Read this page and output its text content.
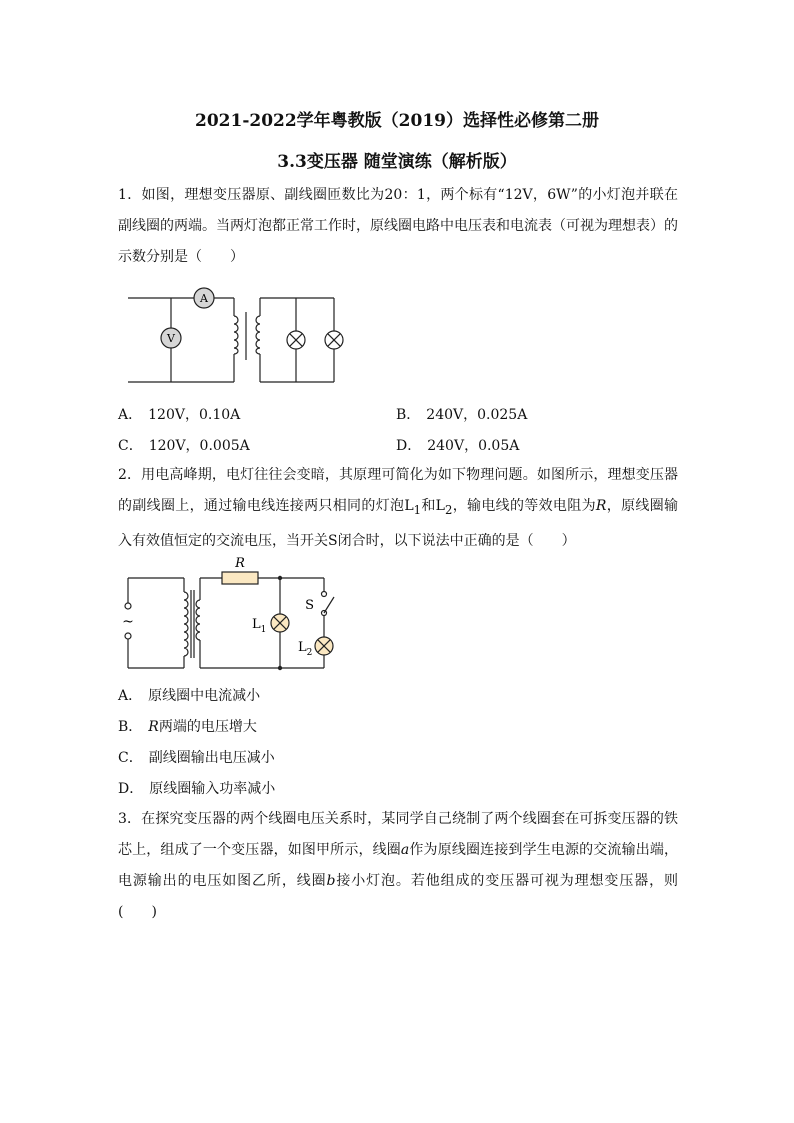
2021-2022学年粤教版（2019）选择性必修第二册
3.3变压器 随堂演练（解析版）

1．如图，理想变压器原、副线圈匝数比为20：1，两个标有“12V，6W”的小灯泡并联在副线圈的两端。当两灯泡都正常工作时，原线圈电路中电压表和电流表（可视为理想表）的示数分别是（　　）

A
V
A． 120V，0.10A	B． 240V，0.025A
C． 120V，0.005A	D． 240V，0.05A

2．用电高峰期，电灯往往会变暗，其原理可简化为如下物理问题。如图所示，理想变压器的副线圈上，通过输电线连接两只相同的灯泡$L_1$和$L_2$，输电线的等效电阻为R，原线圈输入有效值恒定的交流电压，当开关S闭合时，以下说法中正确的是（　　）

~
R
S
$L_1$
$L_2$
A． 原线圈中电流减小
B． R两端的电压增大
C． 副线圈输出电压减小
D． 原线圈输入功率减小

3．在探究变压器的两个线圈电压关系时，某同学自己绕制了两个线圈套在可拆变压器的铁芯上，组成了一个变压器，如图甲所示，线圈a作为原线圈连接到学生电源的交流输出端，电源输出的电压如图乙所，线圈b接小灯泡。若他组成的变压器可视为理想变压器，则(　　)
